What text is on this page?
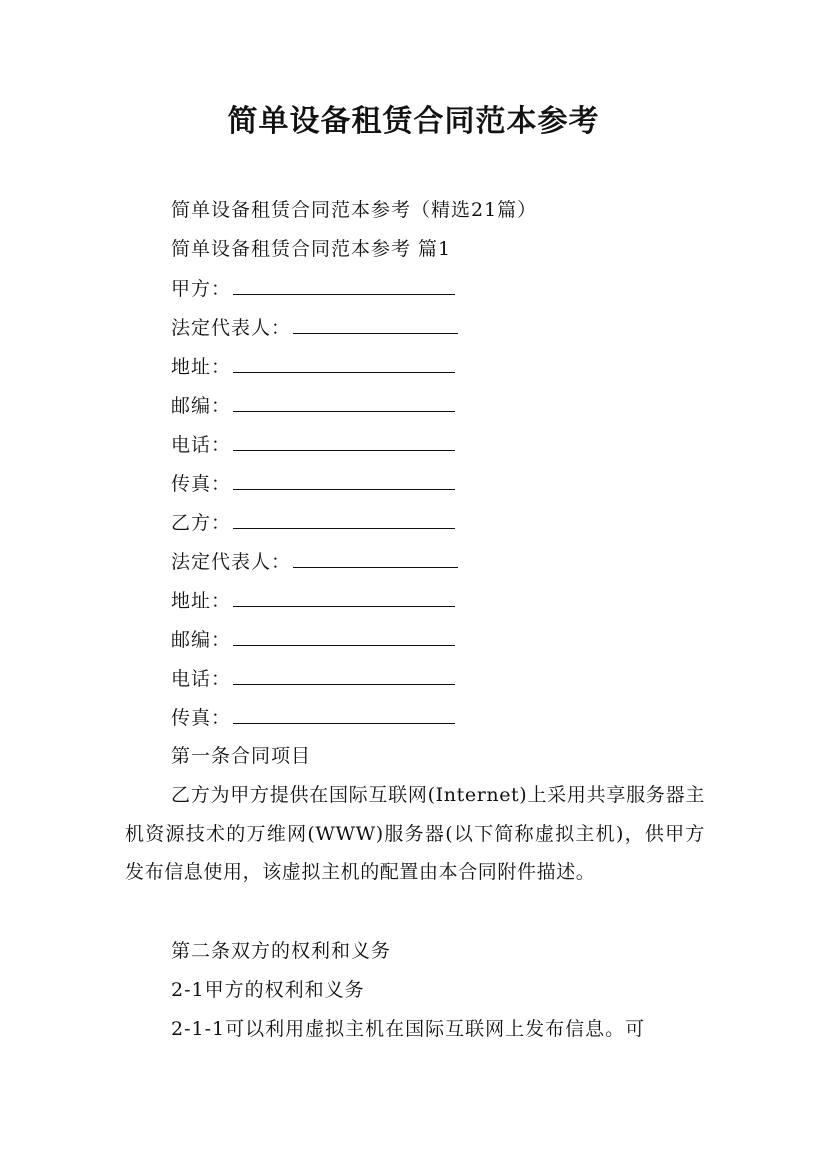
简单设备租赁合同范本参考
简单设备租赁合同范本参考（精选21篇）
简单设备租赁合同范本参考 篇1
甲方：
法定代表人：
地址：
邮编：
电话：
传真：
乙方：
法定代表人：
地址：
邮编：
电话：
传真：
第一条合同项目
乙方为甲方提供在国际互联网(Internet)上采用共享服务器主机资源技术的万维网(WWW)服务器(以下简称虚拟主机)，供甲方发布信息使用，该虚拟主机的配置由本合同附件描述。
第二条双方的权利和义务
2-1甲方的权利和义务
2-1-1可以利用虚拟主机在国际互联网上发布信息。可
